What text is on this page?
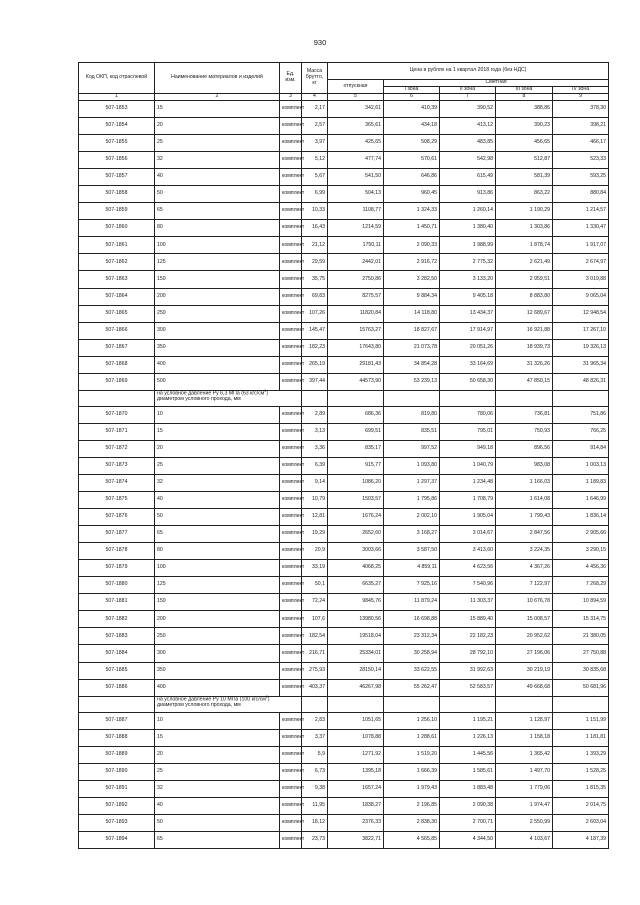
930
Код ОКП, код отраслевой	Наименование материалов и изделий	Ед. изм.	Масса брутто, кг	Цена в рублях на 1 квартал 2018 года (без НДС)				
				отпускная	Сметная			
					I зона	II зона	III зона	IV зона
1	2	3	4	5	6	7	8	9
507-1853	15	комплект	2,17	342,61	410,39	390,52	388,86	378,30
507-1854	20	комплект	2,57	365,61	434,18	413,12	390,23	398,21
507-1855	25	комплект	3,97	425,65	508,29	483,85	456,65	466,17
507-1856	32	комплект	5,12	477,74	570,61	542,98	512,87	523,33
507-1857	40	комплект	5,67	541,50	646,86	615,49	581,39	593,25
507-1858	50	комплект	6,99	504,13	960,45	913,86	863,22	880,84
507-1859	65	комплект	10,33	1108,77	1 324,33	1 260,14	1 190,29	1 214,57
507-1860	80	комплект	16,43	1214,59	1 450,71	1 380,40	1 303,86	1 330,47
507-1861	100	комплект	21,12	1750,11	2 090,33	1 988,99	1 878,74	1 917,07
507-1862	125	комплект	29,59	2442,01	2 916,72	2 775,32	2 621,49	2 674,97
507-1863	150	комплект	35,75	2750,86	3 282,50	3 133,20	2 959,51	3 019,88
507-1864	200	комплект	69,83	8275,57	9 884,34	9 405,18	8 883,80	9 065,04
507-1865	250	комплект	107,26	11820,84	14 118,80	13 434,37	12 689,67	12 948,54
507-1866	300	комплект	145,47	15763,27	18 827,67	17 914,97	16 921,88	17 267,10
507-1867	350	комплект	182,23	17643,80	21 073,78	20 051,26	18 939,73	19 326,13
507-1868	400	комплект	265,19	29181,43	34 854,28	33 164,69	31 326,26	31 965,34
507-1869	500	комплект	397,44	44573,90	53 239,13	50 658,30	47 850,15	48 826,31
	на условное давление Ру 6,3 МПа (63 кгс/$см^2$)
диаметром условного прохода, мм							
507-1870	10	комплект	2,89	686,36	819,80	780,06	736,81	751,86
507-1871	15	комплект	3,13	699,51	835,51	795,01	750,93	766,25
507-1872	20	комплект	3,36	835,17	997,52	949,18	896,56	914,84
507-1873	25	комплект	6,39	915,77	1 093,80	1 040,79	983,08	1 003,13
507-1874	32	комплект	9,14	1086,20	1 297,37	1 234,48	1 166,03	1 189,83
507-1875	40	комплект	10,79	1503,57	1 795,86	1 708,79	1 614,08	1 646,99
507-1876	50	комплект	12,81	1676,24	2 002,10	1 905,04	1 799,43	1 836,14
507-1877	65	комплект	19,29	2652,60	3 168,27	3 014,67	2 847,56	2 905,66
507-1878	80	комплект	20,9	3003,66	3 587,50	3 413,60	3 224,35	3 290,15
507-1879	100	комплект	33,19	4068,25	4 859,11	4 623,56	4 367,26	4 456,36
507-1880	125	комплект	50,1	6635,27	7 925,16	7 540,96	7 122,97	7 268,29
507-1881	150	комплект	72,24	9845,76	11 879,24	11 303,37	10 676,78	10 894,59
507-1882	200	комплект	107,6	13980,56	16 698,88	15 889,40	15 008,57	15 314,75
507-1883	250	комплект	182,54	19518,04	23 312,34	22 182,23	20 952,62	21 380,05
507-1884	300	комплект	216,71	25334,01	30 258,94	28 792,10	27 196,06	27 750,88
507-1885	350	комплект	275,93	28150,14	33 622,55	31 992,63	30 219,19	30 835,68
507-1886	400	комплект	403,37	46267,98	55 262,47	52 583,57	49 668,68	50 681,96
	на условное давление Ру 10 МПа (100 кгс/$см^2$)
диаметром условного прохода, мм							
507-1887	10	комплект	2,83	1051,65	1 256,10	1 195,21	1 128,97	1 151,99
507-1888	15	комплект	3,37	1078,88	1 288,61	1 226,13	1 158,18	1 181,81
507-1889	20	комплект	5,9	1271,92	1 519,20	1 445,56	1 365,42	1 393,29
507-1890	25	комплект	6,73	1395,18	1 666,39	1 585,61	1 497,70	1 528,25
507-1891	32	комплект	9,38	1657,24	1 979,43	1 883,48	1 779,06	1 815,35
507-1892	40	комплект	11,95	1838,27	2 196,85	2 090,38	1 974,47	2 014,75
507-1893	50	комплект	18,12	2376,33	2 838,30	2 700,71	2 550,99	2 603,04
507-1894	65	комплект	23,73	3822,71	4 565,85	4 344,50	4 103,67	4 187,39
